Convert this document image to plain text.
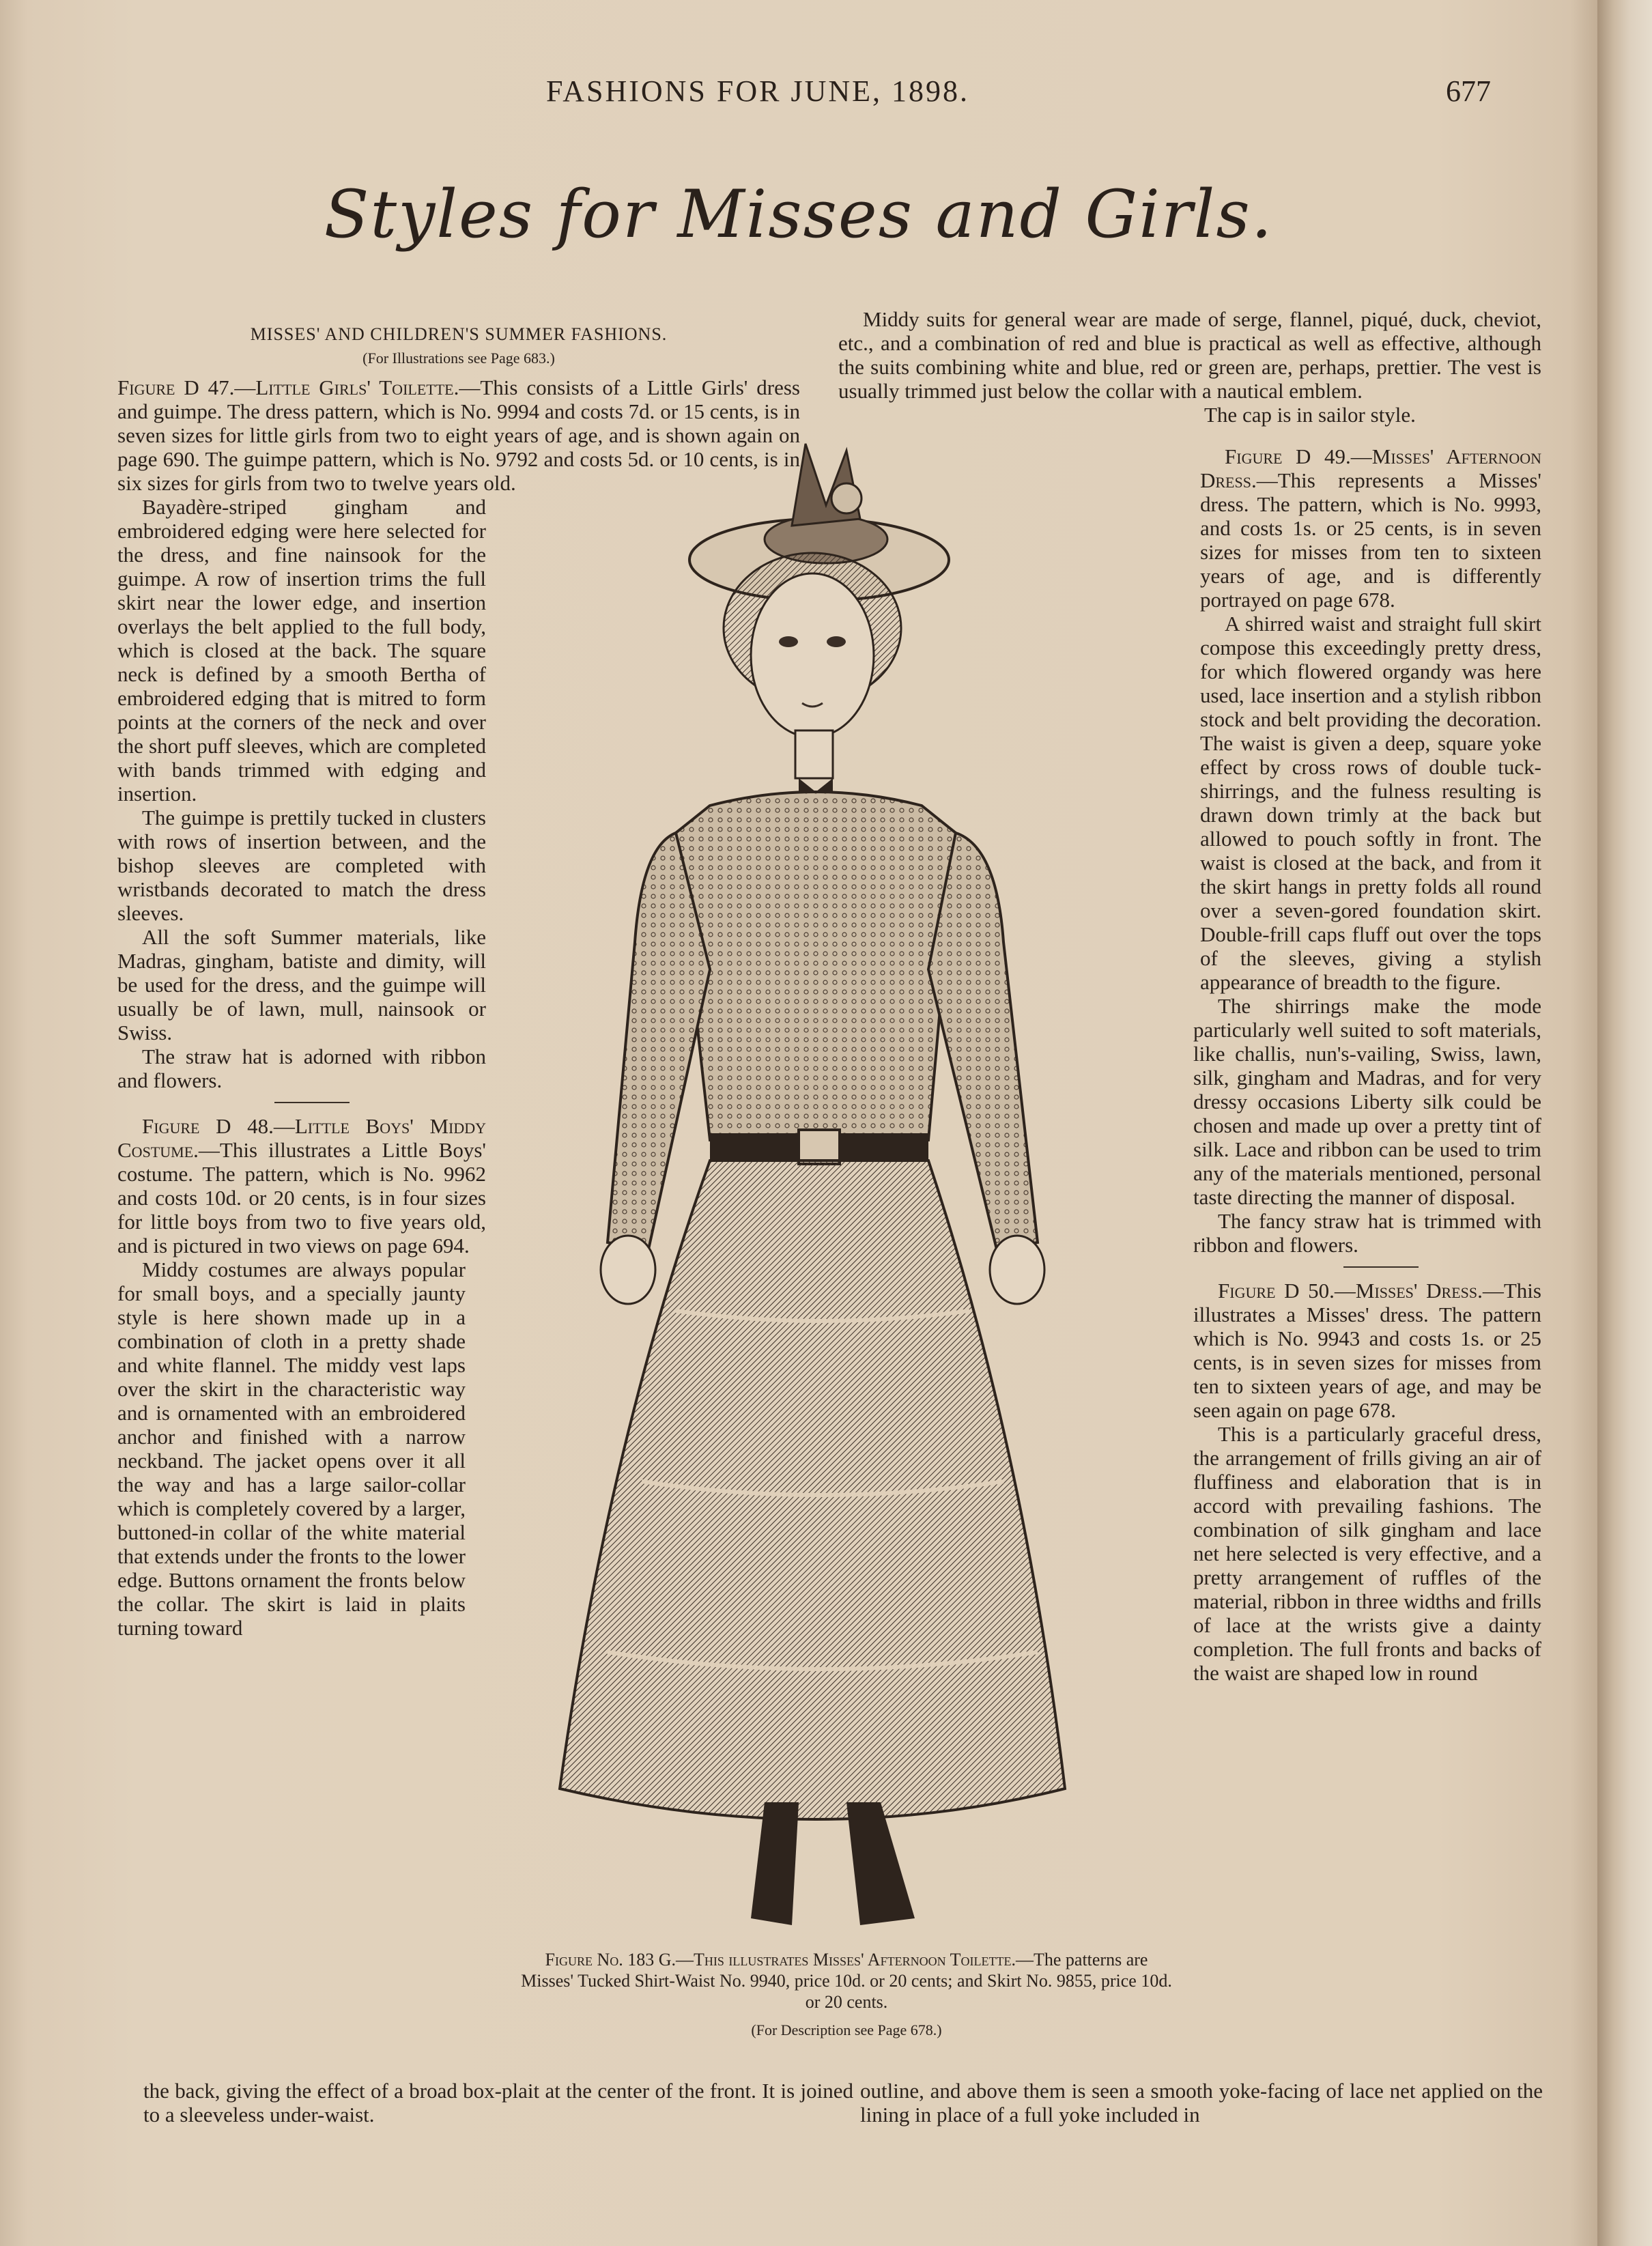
FASHIONS FOR JUNE, 1898.	677
Styles for Misses and Girls.

MISSES' AND CHILDREN'S SUMMER FASHIONS.

(For Illustrations see Page 683.)

Figure D 47.—Little Girls' Toilette.—This consists of a Little Girls' dress and guimpe. The dress pattern, which is No. 9994 and costs 7d. or 15 cents, is in seven sizes for little girls from two to eight years of age, and is shown again on page 690. The guimpe pattern, which is No. 9792 and costs 5d. or 10 cents, is in six sizes for girls from two to twelve years old.

Bayadère-striped gingham and embroidered edging were here selected for the dress, and fine nainsook for the guimpe. A row of insertion trims the full skirt near the lower edge, and insertion overlays the belt applied to the full body, which is closed at the back. The square neck is defined by a smooth Bertha of embroidered edging that is mitred to form points at the corners of the neck and over the short puff sleeves, which are completed with bands trimmed with edging and insertion.

The guimpe is prettily tucked in clusters with rows of insertion between, and the bishop sleeves are completed with wristbands decorated to match the dress sleeves.

All the soft Summer materials, like Madras, gingham, batiste and dimity, will be used for the dress, and the guimpe will usually be of lawn, mull, nainsook or Swiss.

The straw hat is adorned with ribbon and flowers.

Figure D 48.—Little Boys' Middy Costume.—This illustrates a Little Boys' costume. The pattern, which is No. 9962 and costs 10d. or 20 cents, is in four sizes for little boys from two to five years old, and is pictured in two views on page 694.

Middy costumes are always popular for small boys, and a specially jaunty style is here shown made up in a combination of cloth in a pretty shade and white flannel. The middy vest laps over the skirt in the characteristic way and is ornamented with an embroidered anchor and finished with a narrow neckband. The jacket opens over it all the way and has a large sailor-collar which is completely covered by a larger, buttoned-in collar of the white material that extends under the fronts to the lower edge. Buttons ornament the fronts below the collar. The skirt is laid in plaits turning toward

Middy suits for general wear are made of serge, flannel, piqué, duck, cheviot, etc., and a combination of red and blue is practical as well as effective, although the suits combining white and blue, red or green are, perhaps, prettier. The vest is usually trimmed just below the collar with a nautical emblem.

The cap is in sailor style.

Figure D 49.—Misses' Afternoon Dress.—This represents a Misses' dress. The pattern, which is No. 9993, and costs 1s. or 25 cents, is in seven sizes for misses from ten to sixteen years of age, and is differently portrayed on page 678.

A shirred waist and straight full skirt compose this exceedingly pretty dress, for which flowered organdy was here used, lace insertion and a stylish ribbon stock and belt providing the decoration. The waist is given a deep, square yoke effect by cross rows of double tuck-shirrings, and the fulness resulting is drawn down trimly at the back but allowed to pouch softly in front. The waist is closed at the back, and from it the skirt hangs in pretty folds all round over a seven-gored foundation skirt. Double-frill caps fluff out over the tops of the sleeves, giving a stylish appearance of breadth to the figure.

The shirrings make the mode particularly well suited to soft materials, like challis, nun's-vailing, Swiss, lawn, silk, gingham and Madras, and for very dressy occasions Liberty silk could be chosen and made up over a pretty tint of silk. Lace and ribbon can be used to trim any of the materials mentioned, personal taste directing the manner of disposal.

The fancy straw hat is trimmed with ribbon and flowers.

Figure D 50.—Misses' Dress.—This illustrates a Misses' dress. The pattern which is No. 9943 and costs 1s. or 25 cents, is in seven sizes for misses from ten to sixteen years of age, and may be seen again on page 678.

This is a particularly graceful dress, the arrangement of frills giving an air of fluffiness and elaboration that is in accord with prevailing fashions. The combination of silk gingham and lace net here selected is very effective, and a pretty arrangement of ruffles of the material, ribbon in three widths and frills of lace at the wrists give a dainty completion. The full fronts and backs of the waist are shaped low in round

Figure No. 183 G.—This illustrates Misses' Afternoon Toilette.—The patterns are Misses' Tucked Shirt-Waist No. 9940, price 10d. or 20 cents; and Skirt No. 9855, price 10d. or 20 cents.
(For Description see Page 678.)
the back, giving the effect of a broad box-plait at the center of the front. It is joined to a sleeveless under-waist.
outline, and above them is seen a smooth yoke-facing of lace net applied on the lining in place of a full yoke included in
